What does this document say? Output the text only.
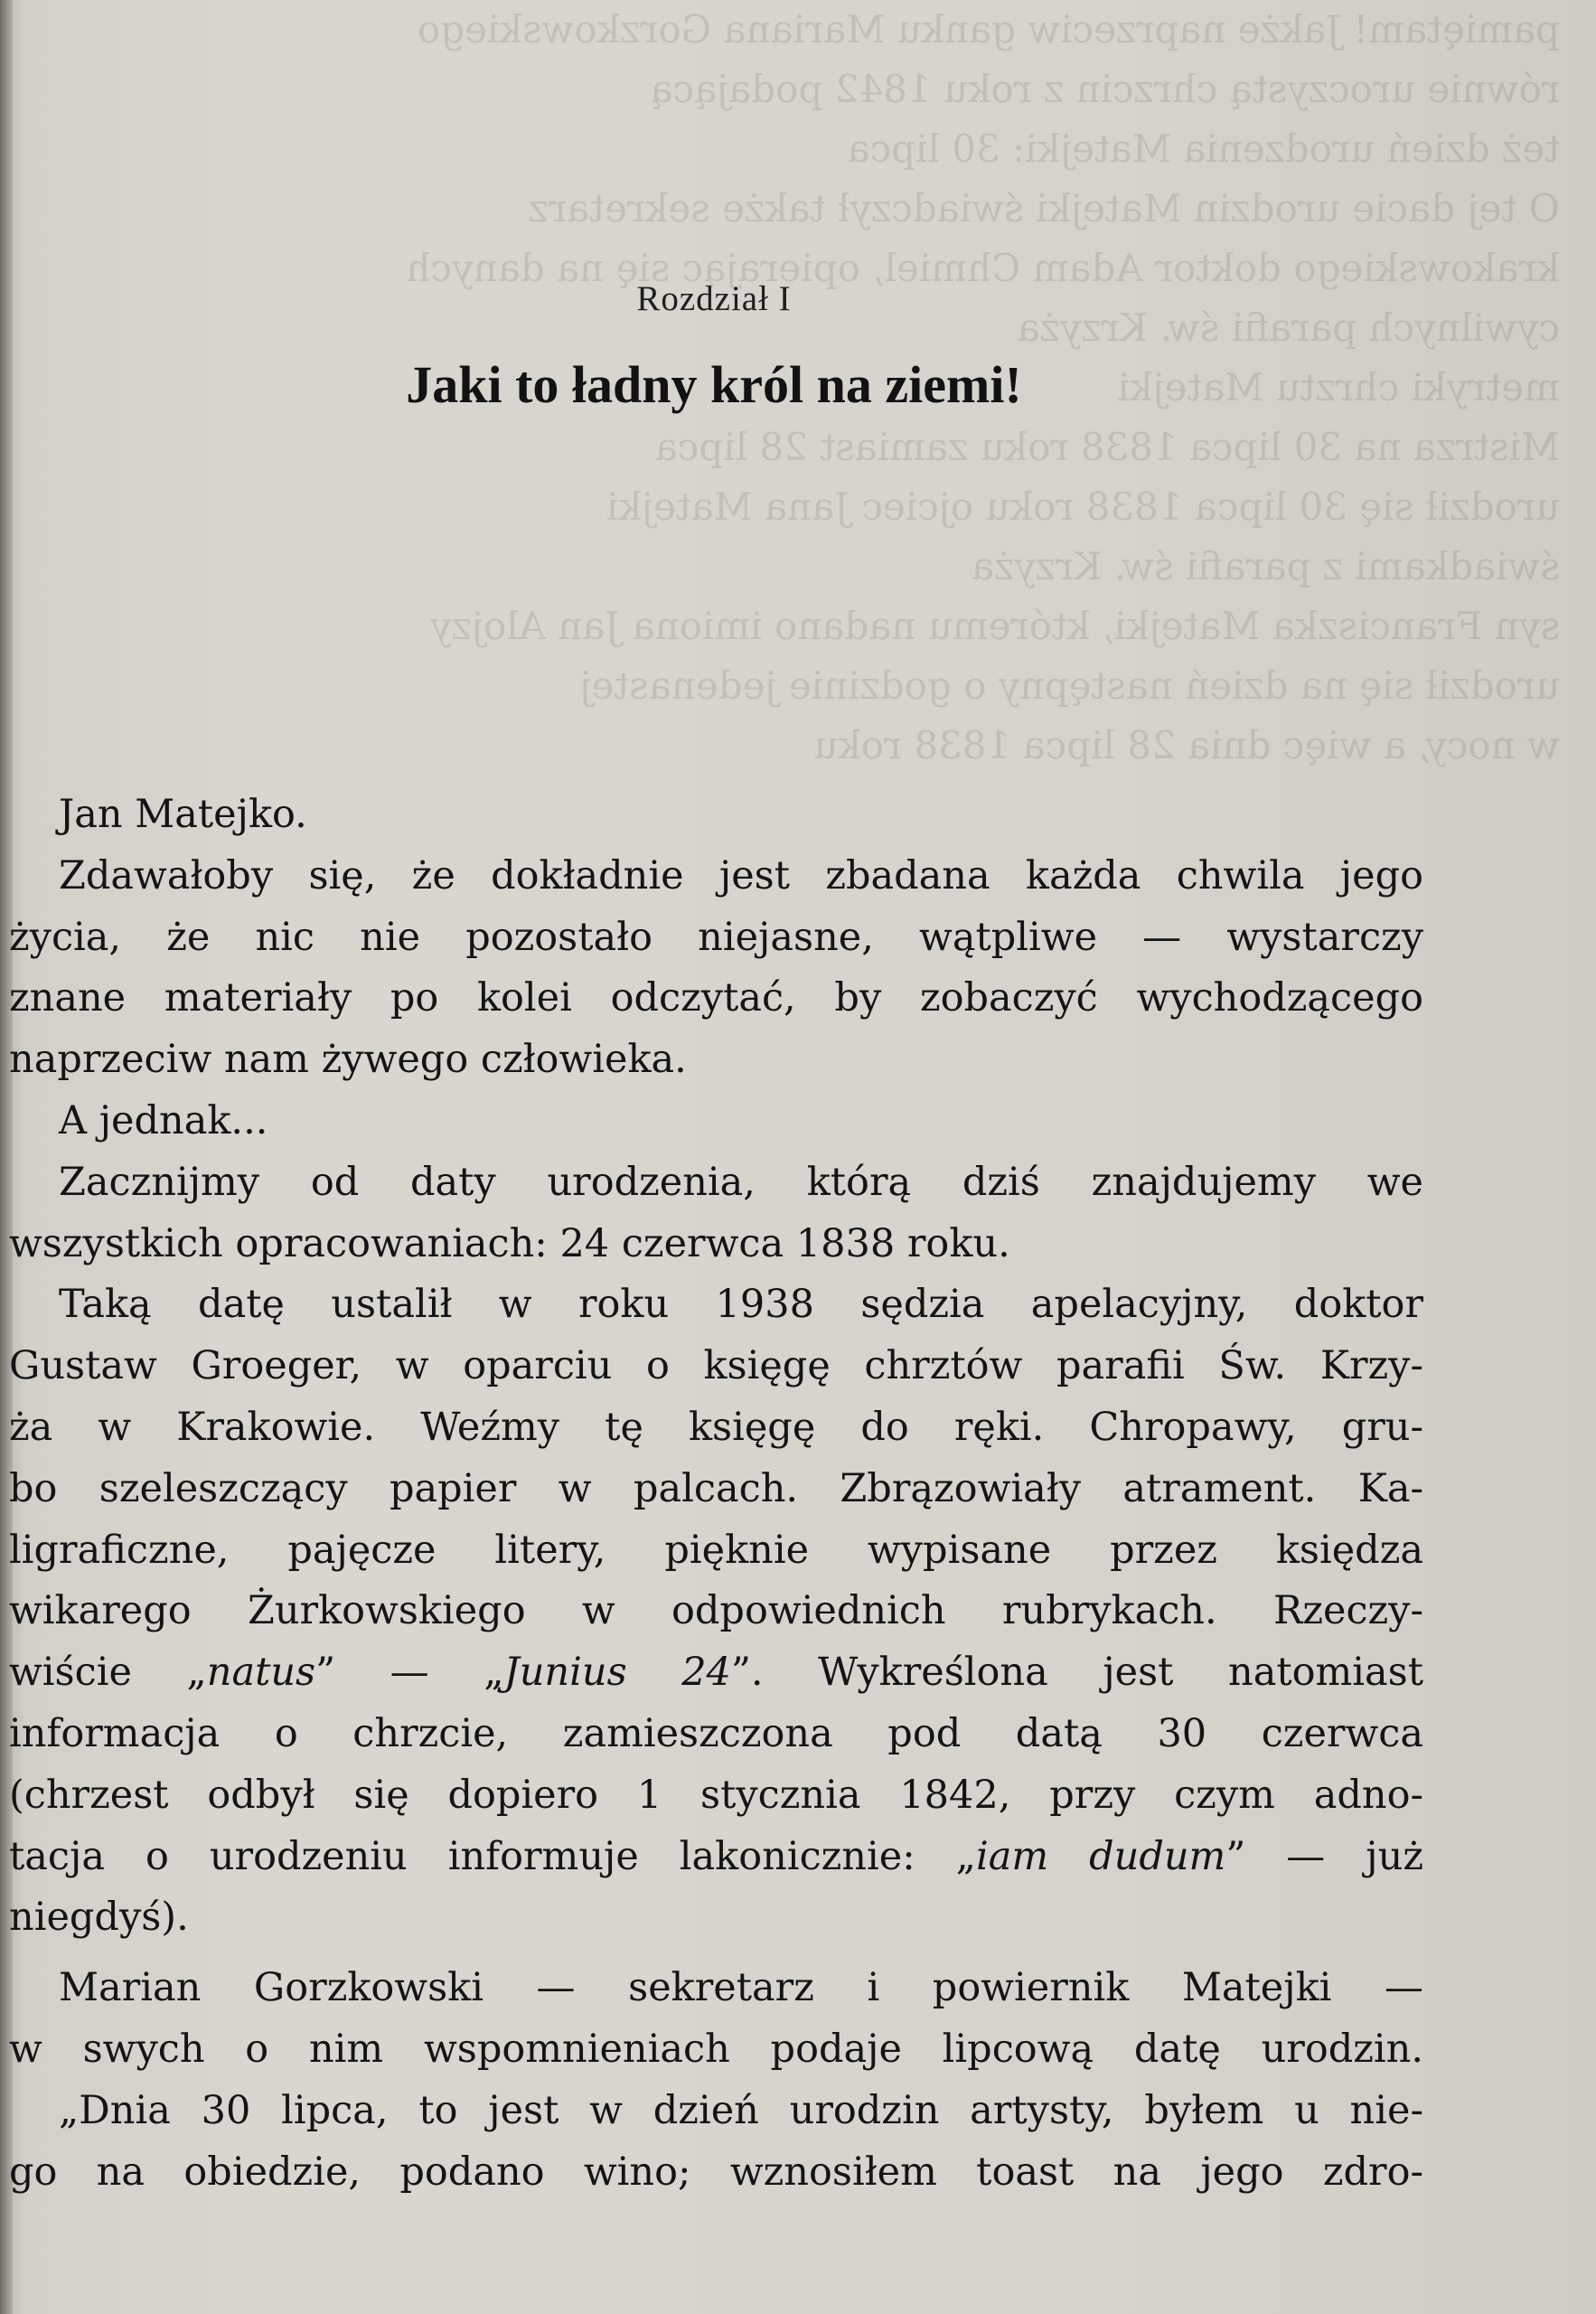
pamiętam! Jakże naprzeciw ganku Mariana Gorzkowskiego
równie uroczystą chrzcin z roku 1842 podającą
też dzień urodzenia Matejki: 30 lipca
O tej dacie urodzin Matejki świadczył także sekretarz
krakowskiego doktor Adam Chmiel, opierając się na danych
cywilnych parafii św. Krzyża
metryki chrztu Matejki
Mistrza na 30 lipca 1838 roku zamiast 28 lipca
urodził się 30 lipca 1838 roku ojciec Jana Matejki
świadkami z parafii św. Krzyża
syn Franciszka Matejki, któremu nadano imiona Jan Alojzy
urodził się na dzień następny o godzinie jedenastej
w nocy, a więc dnia 28 lipca 1838 roku
Rozdział I
Jaki to ładny król na ziemi!
Jan Matejko.
Zdawałoby się, że dokładnie jest zbadana każda chwila jego
życia, że nic nie pozostało niejasne, wątpliwe — wystarczy
znane materiały po kolei odczytać, by zobaczyć wychodzącego
naprzeciw nam żywego człowieka.
A jednak...
Zacznijmy od daty urodzenia, którą dziś znajdujemy we
wszystkich opracowaniach: 24 czerwca 1838 roku.
Taką datę ustalił w roku 1938 sędzia apelacyjny, doktor
Gustaw Groeger, w oparciu o księgę chrztów parafii Św. Krzy-
ża w Krakowie. Weźmy tę księgę do ręki. Chropawy, gru-
bo szeleszczący papier w palcach. Zbrązowiały atrament. Ka-
ligraficzne, pajęcze litery, pięknie wypisane przez księdza
wikarego Żurkowskiego w odpowiednich rubrykach. Rzeczy-
wiście „natus” — „Junius 24”. Wykreślona jest natomiast
informacja o chrzcie, zamieszczona pod datą 30 czerwca
(chrzest odbył się dopiero 1 stycznia 1842, przy czym adno-
tacja o urodzeniu informuje lakonicznie: „iam dudum” — już
niegdyś).
Marian Gorzkowski — sekretarz i powiernik Matejki —
w swych o nim wspomnieniach podaje lipcową datę urodzin.
„Dnia 30 lipca, to jest w dzień urodzin artysty, byłem u nie-
go na obiedzie, podano wino; wznosiłem toast na jego zdro-
